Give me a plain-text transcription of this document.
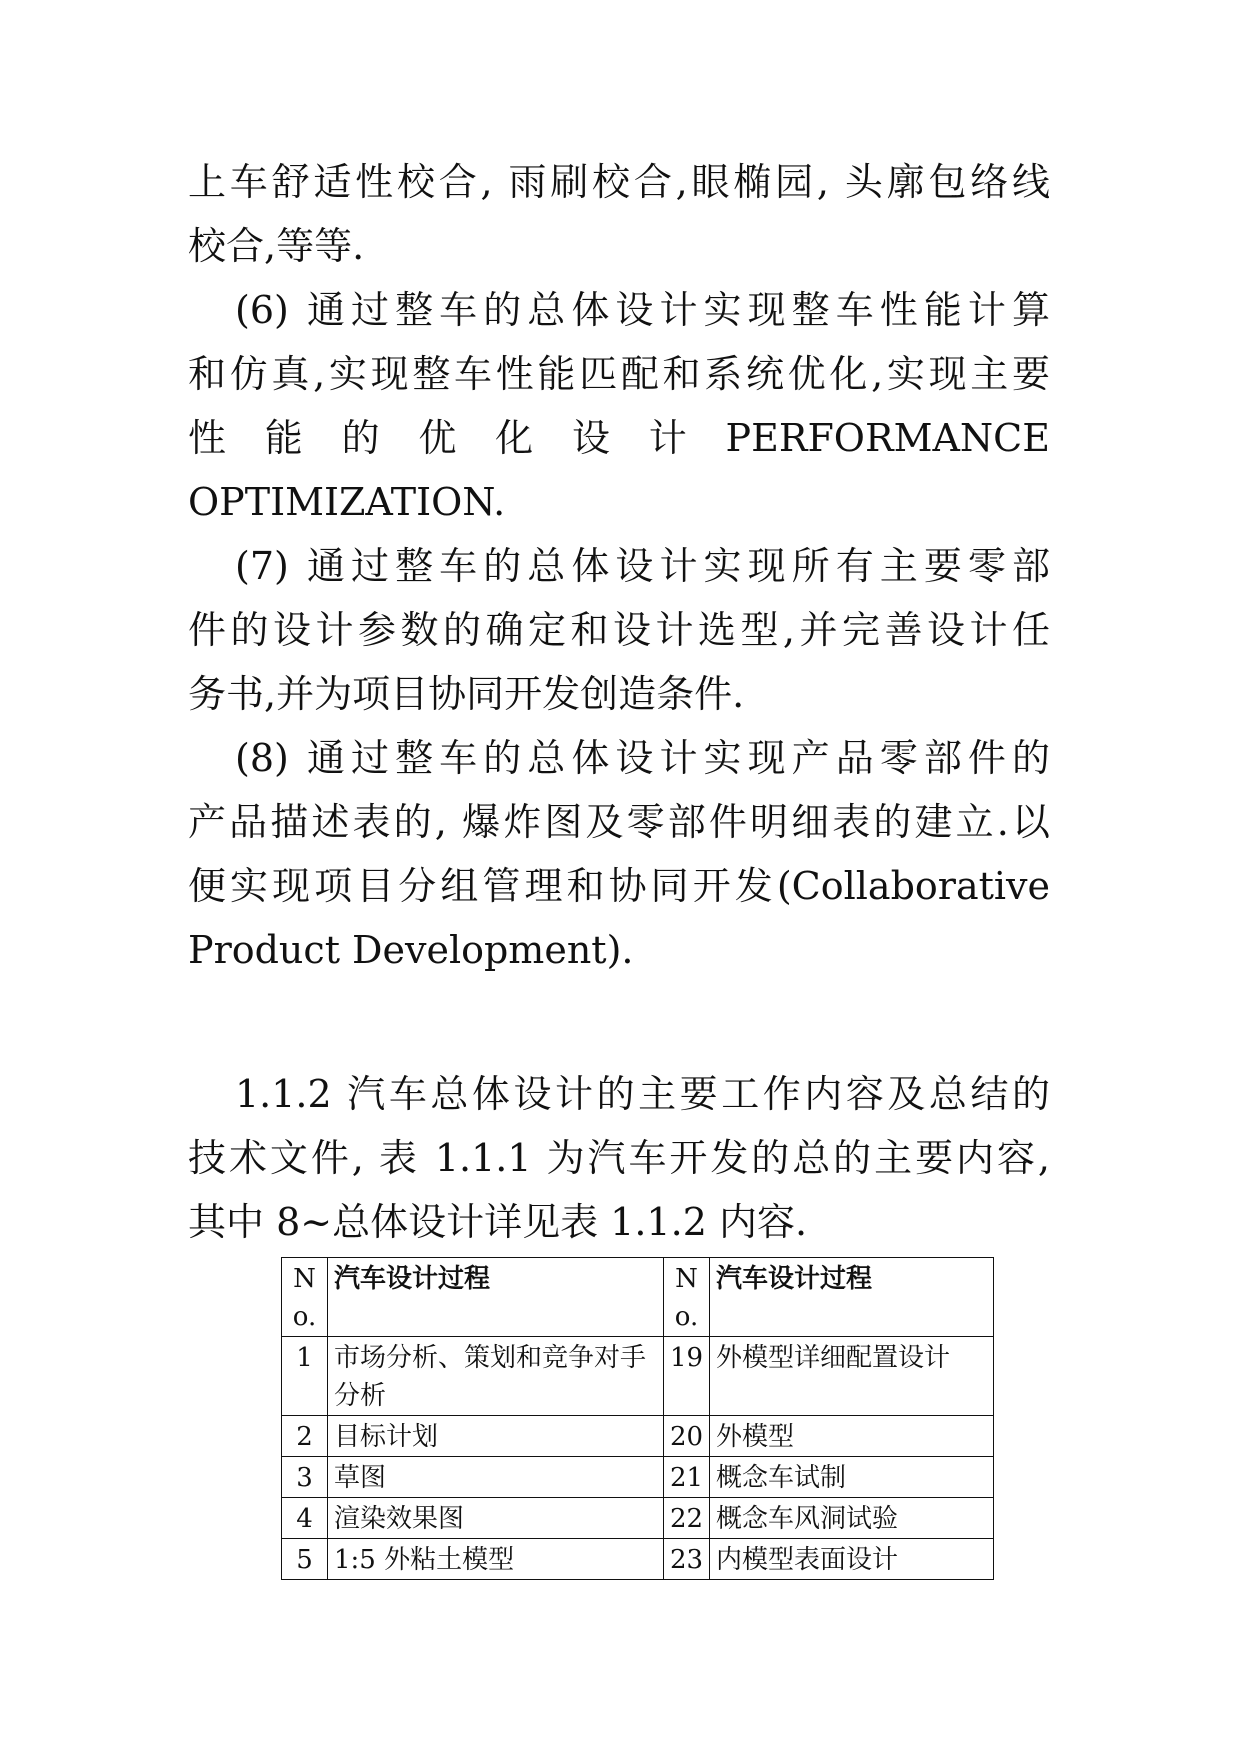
上车舒适性校合, 雨刷校合,眼椭园, 头廓包络线
校合,等等.
(6) 通过整车的总体设计实现整车性能计算
和仿真,实现整车性能匹配和系统优化,实现主要
性 能 的 优 化 设 计 PERFORMANCE
OPTIMIZATION.
(7) 通过整车的总体设计实现所有主要零部
件的设计参数的确定和设计选型,并完善设计任
务书,并为项目协同开发创造条件.
(8) 通过整车的总体设计实现产品零部件的
产品描述表的, 爆炸图及零部件明细表的建立.以
便实现项目分组管理和协同开发(Collaborative
Product Development).
1.1.2 汽车总体设计的主要工作内容及总结的
技术文件, 表 1.1.1 为汽车开发的总的主要内容,
其中 8~总体设计详见表 1.1.2 内容.
No.	汽车设计过程	No.	汽车设计过程
1	市场分析、策划和竞争对手分析	19	外模型详细配置设计

2	目标计划	20	外模型
3	草图	21	概念车试制
4	渲染效果图	22	概念车风洞试验
5	1:5 外粘土模型	23	内模型表面设计
